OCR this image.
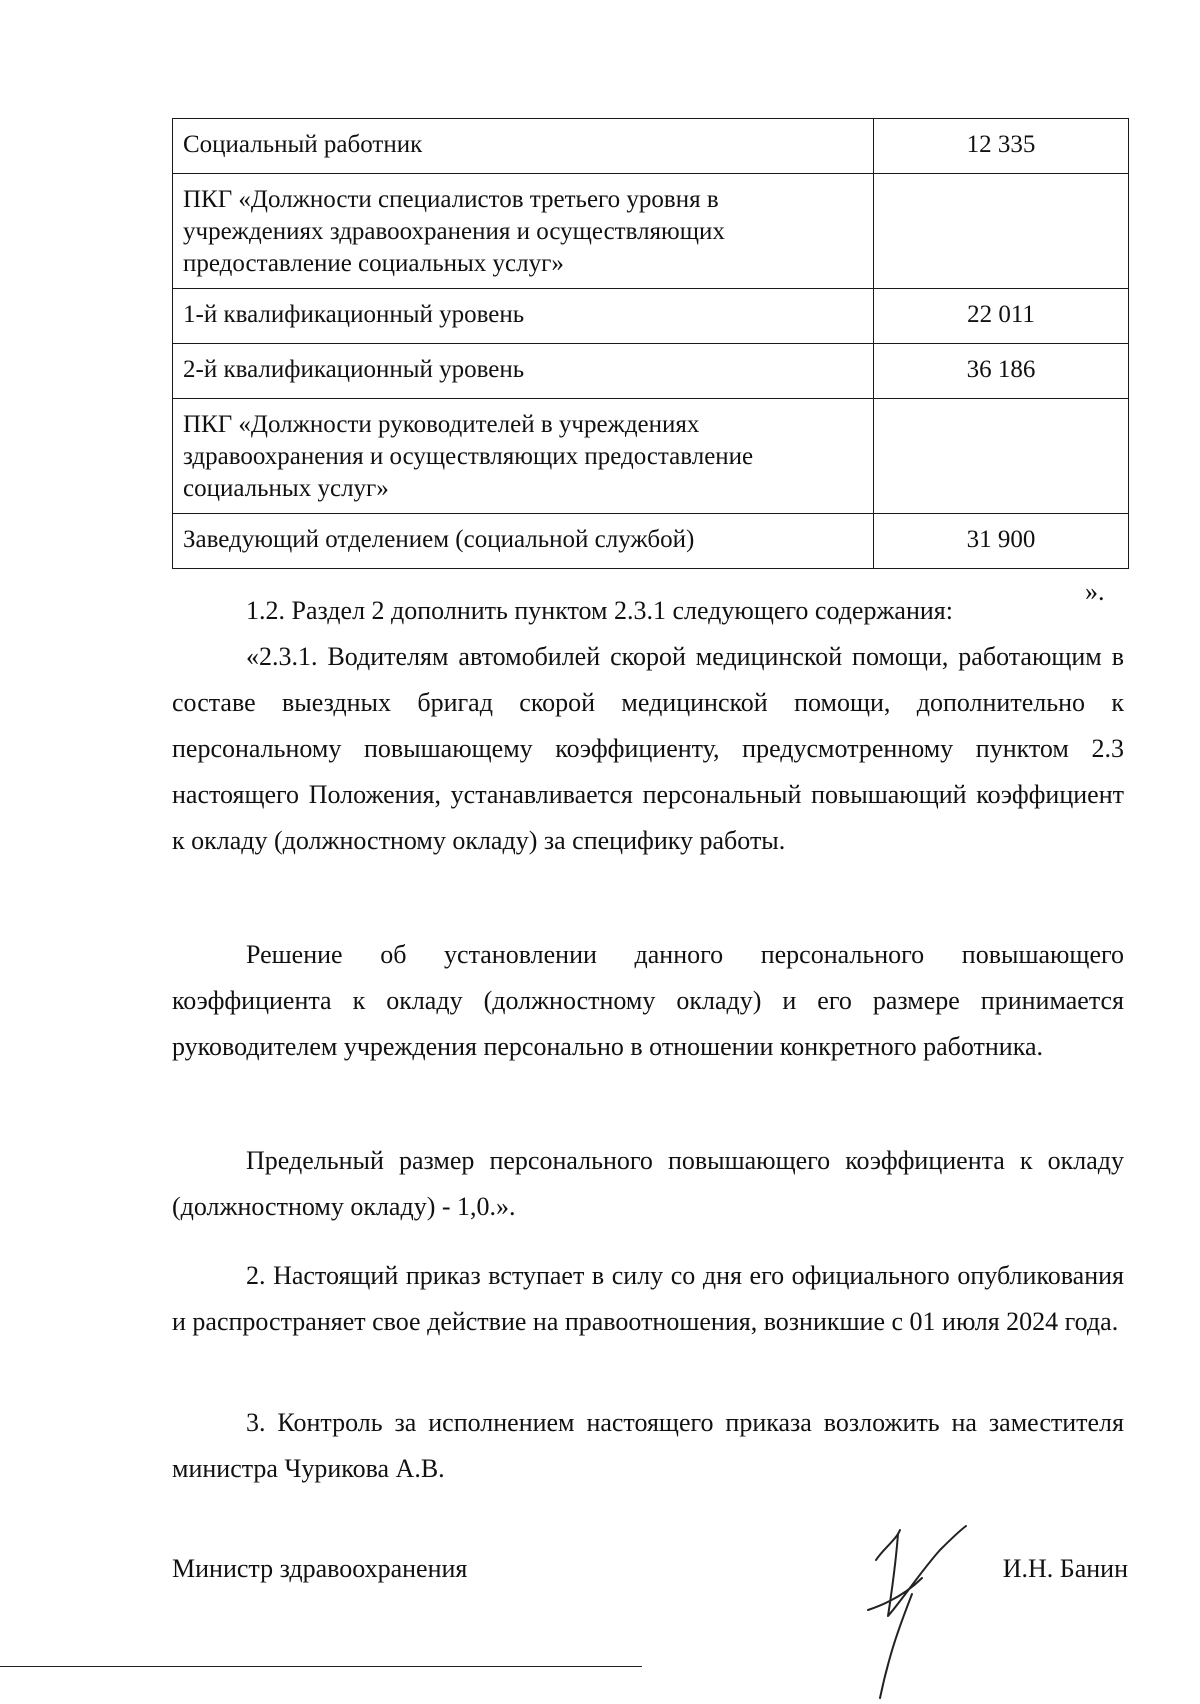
Социальный работник	12 335
ПКГ «Должности специалистов третьего уровня в учреждениях здравоохранения и осуществляющих предоставление социальных услуг»	
1-й квалификационный уровень	22 011
2-й квалификационный уровень	36 186
ПКГ «Должности руководителей в учреждениях здравоохранения и осуществляющих предоставление социальных услуг»	
Заведующий отделением (социальной службой)	31 900
».

1.2. Раздел 2 дополнить пунктом 2.3.1 следующего содержания:

«2.3.1. Водителям автомобилей скорой медицинской помощи, работающим в составе выездных бригад скорой медицинской помощи, дополнительно к персональному повышающему коэффициенту, предусмотренному пунктом 2.3 настоящего Положения, устанавливается персональный повышающий коэффициент к окладу (должностному окладу) за специфику работы.

Решение об установлении данного персонального повышающего коэффициента к окладу (должностному окладу) и его размере принимается руководителем учреждения персонально в отношении конкретного работника.

Предельный размер персонального повышающего коэффициента к окладу (должностному окладу) - 1,0.».

2. Настоящий приказ вступает в силу со дня его официального опубликования и распространяет свое действие на правоотношения, возникшие с 01 июля 2024 года.

3. Контроль за исполнением настоящего приказа возложить на заместителя министра Чурикова А.В.

Министр здравоохранения	И.Н. Банин
